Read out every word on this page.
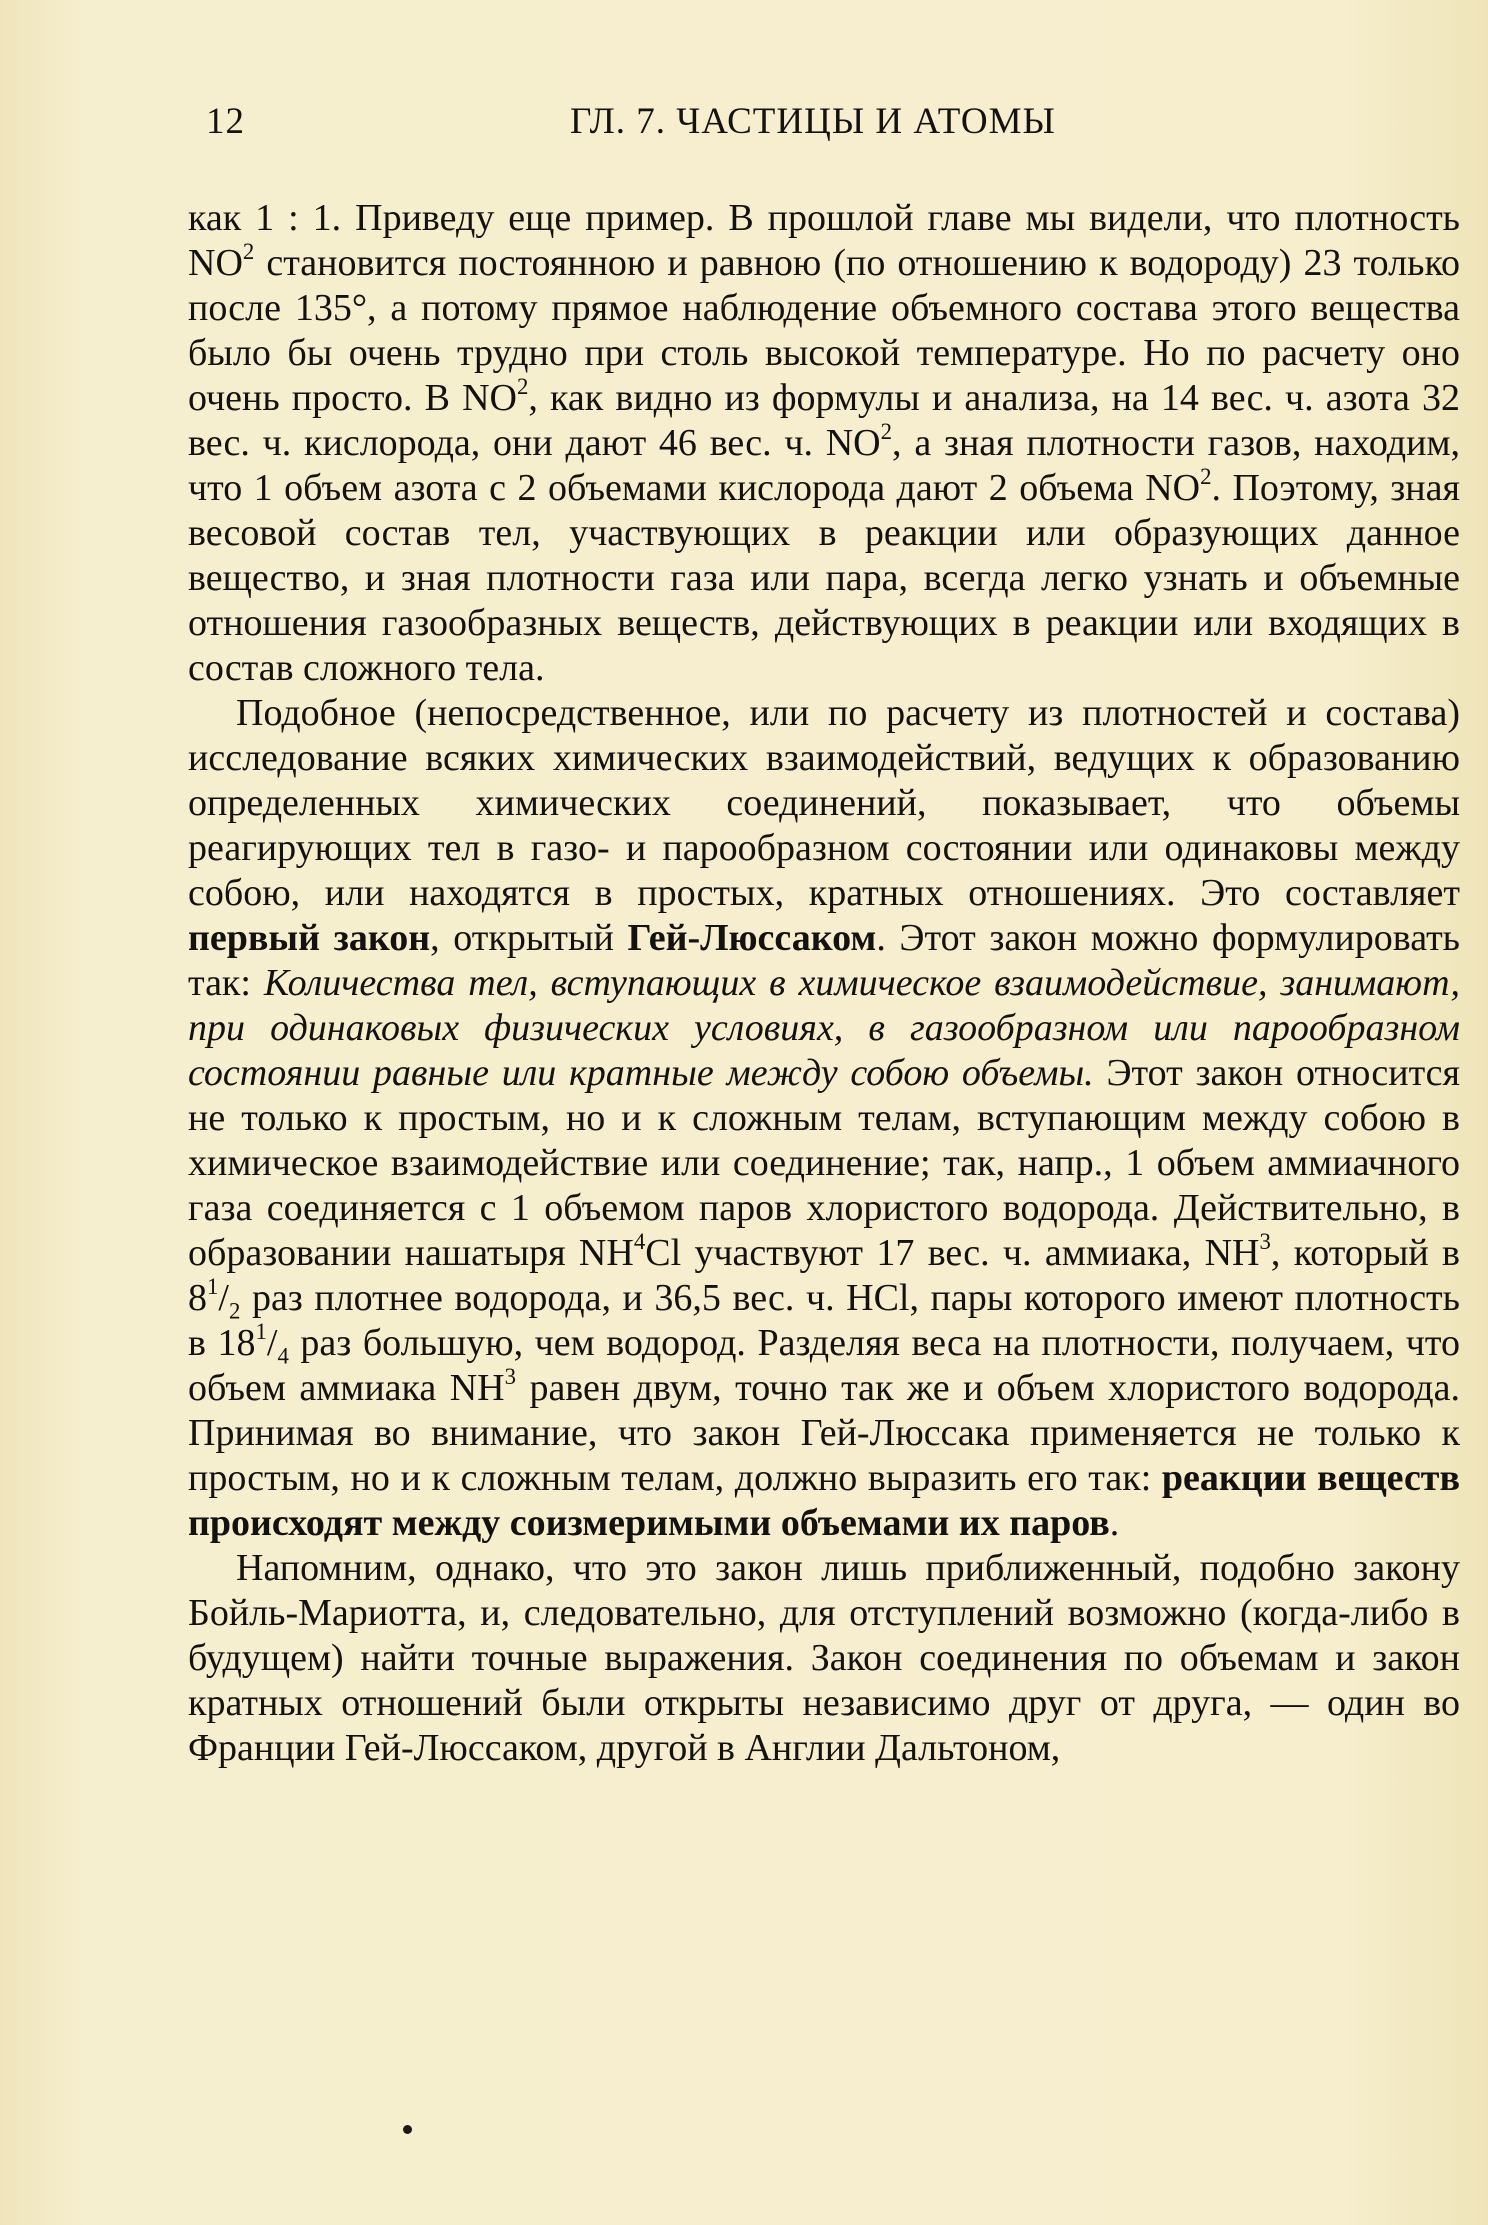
12	ГЛ. 7. ЧАСТИЦЫ И АТОМЫ

как 1 : 1. Приведу еще пример. В прошлой главе мы видели, что плотность $NO^2$ становится постоянною и равною (по отношению к водороду) 23 только после 135°, а потому прямое наблюдение объемного состава этого вещества было бы очень трудно при столь высокой температуре. Но по расчету оно очень просто. В $NO^2$, как видно из формулы и анализа, на 14 вес. ч. азота 32 вес. ч. кислорода, они дают 46 вес. ч. $NO^2$, а зная плотности газов, находим, что 1 объем азота с 2 объемами кислорода дают 2 объема $NO^2$. Поэтому, зная весовой состав тел, участвующих в реакции или образующих данное вещество, и зная плотности газа или пара, всегда легко узнать и объемные отношения газообразных веществ, действующих в реакции или входящих в состав сложного тела.

Подобное (непосредственное, или по расчету из плотностей и состава) исследование всяких химических взаимодействий, ведущих к образованию определенных химических соединений, показывает, что объемы реагирующих тел в газо- и парообразном состоянии или одинаковы между собою, или находятся в простых, кратных отношениях. Это составляет первый закон, открытый Гей-Люссаком. Этот закон можно формулировать так: Количества тел, вступающих в химическое взаимодействие, занимают, при одинаковых физических условиях, в газообразном или парообразном состоянии равные или кратные между собою объемы. Этот закон относится не только к простым, но и к сложным телам, вступающим между собою в химическое взаимодействие или соединение; так, напр., 1 объем аммиачного газа соединяется с 1 объемом паров хлористого водорода. Действительно, в образовании нашатыря $NH^4Cl$ участвуют 17 вес. ч. аммиака, $NH^3$, который в $8^1/_2$ раз плотнее водорода, и 36,5 вес. ч. HCl, пары которого имеют плотность в $18^1/_4$ раз большую, чем водород. Разделяя веса на плотности, получаем, что объем аммиака $NH^3$ равен двум, точно так же и объем хлористого водорода. Принимая во внимание, что закон Гей-Люссака применяется не только к простым, но и к сложным телам, должно выразить его так: реакции веществ происходят между соизмеримыми объемами их паров.

Напомним, однако, что это закон лишь приближенный, подобно закону Бойль-Мариотта, и, следовательно, для отступлений возможно (когда-либо в будущем) найти точные выражения. Закон соединения по объемам и закон кратных отношений были открыты независимо друг от друга, — один во Франции Гей-Люссаком, другой в Англии Дальтоном,
